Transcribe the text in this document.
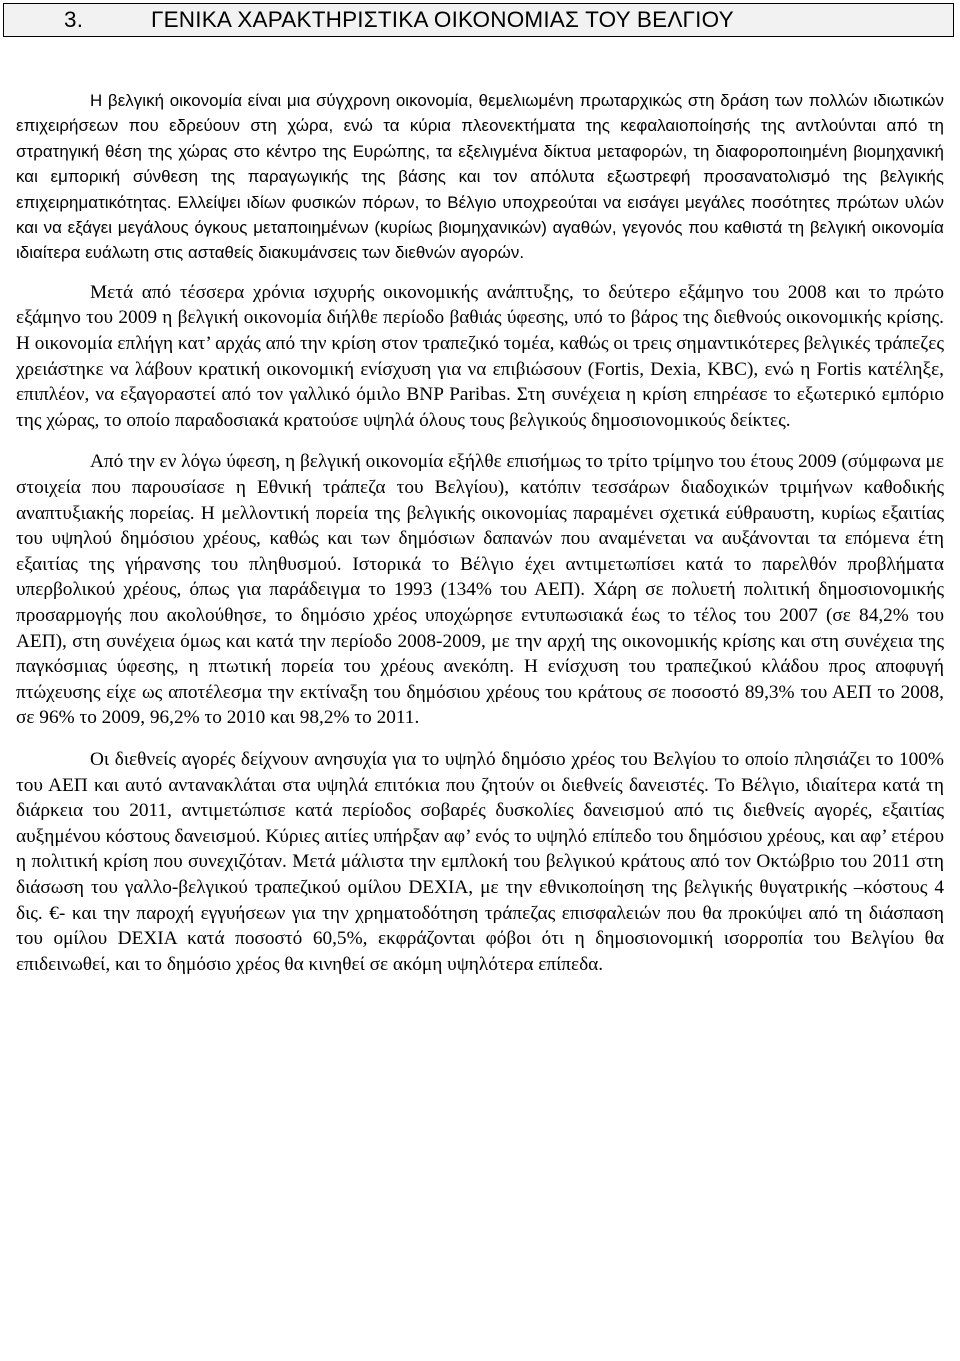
3.	ΓΕΝΙΚΑ ΧΑΡΑΚΤΗΡΙΣΤΙΚΑ ΟΙΚΟΝΟΜΙΑΣ ΤΟΥ ΒΕΛΓΙΟΥ

Η βελγική οικονομία είναι μια σύγχρονη οικονομία, θεμελιωμένη πρωταρχικώς στη δράση των πολλών ιδιωτικών επιχειρήσεων που εδρεύουν στη χώρα, ενώ τα κύρια πλεονεκτήματα της κεφαλαιοποίησής της αντλούνται από τη στρατηγική θέση της χώρας στο κέντρο της Ευρώπης, τα εξελιγμένα δίκτυα μεταφορών, τη διαφοροποιημένη βιομηχανική και εμπορική σύνθεση της παραγωγικής της βάσης και τον απόλυτα εξωστρεφή προσανατολισμό της βελγικής επιχειρηματικότητας. Ελλείψει ιδίων φυσικών πόρων, το Βέλγιο υποχρεούται να εισάγει μεγάλες ποσότητες πρώτων υλών και να εξάγει μεγάλους όγκους μεταποιημένων (κυρίως βιομηχανικών) αγαθών, γεγονός που καθιστά τη βελγική οικονομία ιδιαίτερα ευάλωτη στις ασταθείς διακυμάνσεις των διεθνών αγορών.

Μετά από τέσσερα χρόνια ισχυρής οικονομικής ανάπτυξης, το δεύτερο εξάμηνο του 2008 και το πρώτο εξάμηνο του 2009 η βελγική οικονομία διήλθε περίοδο βαθιάς ύφεσης, υπό το βάρος της διεθνούς οικονομικής κρίσης. Η οικονομία επλήγη κατ’ αρχάς από την κρίση στον τραπεζικό τομέα, καθώς οι τρεις σημαντικότερες βελγικές τράπεζες χρειάστηκε να λάβουν κρατική οικονομική ενίσχυση για να επιβιώσουν (Fortis, Dexia, KBC), ενώ η Fortis κατέληξε, επιπλέον, να εξαγοραστεί από τον γαλλικό όμιλο BNP Paribas. Στη συνέχεια η κρίση επηρέασε το εξωτερικό εμπόριο της χώρας, το οποίο παραδοσιακά κρατούσε υψηλά όλους τους βελγικούς δημοσιονομικούς δείκτες.

Από την εν λόγω ύφεση, η βελγική οικονομία εξήλθε επισήμως το τρίτο τρίμηνο του έτους 2009 (σύμφωνα με στοιχεία που παρουσίασε η Εθνική τράπεζα του Βελγίου), κατόπιν τεσσάρων διαδοχικών τριμήνων καθοδικής αναπτυξιακής πορείας. Η μελλοντική πορεία της βελγικής οικονομίας παραμένει σχετικά εύθραυστη, κυρίως εξαιτίας του υψηλού δημόσιου χρέους, καθώς και των δημόσιων δαπανών που αναμένεται να αυξάνονται τα επόμενα έτη εξαιτίας της γήρανσης του πληθυσμού. Ιστορικά το Βέλγιο έχει αντιμετωπίσει κατά το παρελθόν προβλήματα υπερβολικού χρέους, όπως για παράδειγμα το 1993 (134% του ΑΕΠ). Χάρη σε πολυετή πολιτική δημοσιονομικής προσαρμογής που ακολούθησε, το δημόσιο χρέος υποχώρησε εντυπωσιακά έως το τέλος του 2007 (σε 84,2% του ΑΕΠ), στη συνέχεια όμως και κατά την περίοδο 2008-2009, με την αρχή της οικονομικής κρίσης και στη συνέχεια της παγκόσμιας ύφεσης, η πτωτική πορεία του χρέους ανεκόπη. Η ενίσχυση του τραπεζικού κλάδου προς αποφυγή πτώχευσης είχε ως αποτέλεσμα την εκτίναξη του δημόσιου χρέους του κράτους σε ποσοστό 89,3% του ΑΕΠ το 2008, σε 96% το 2009, 96,2% το 2010 και 98,2% το 2011.

Οι διεθνείς αγορές δείχνουν ανησυχία για το υψηλό δημόσιο χρέος του Βελγίου το οποίο πλησιάζει το 100% του ΑΕΠ και αυτό αντανακλάται στα υψηλά επιτόκια που ζητούν οι διεθνείς δανειστές. Το Βέλγιο, ιδιαίτερα κατά τη διάρκεια του 2011, αντιμετώπισε κατά περίοδος σοβαρές δυσκολίες δανεισμού από τις διεθνείς αγορές, εξαιτίας αυξημένου κόστους δανεισμού. Κύριες αιτίες υπήρξαν αφ’ ενός το υψηλό επίπεδο του δημόσιου χρέους, και αφ’ ετέρου η πολιτική κρίση που συνεχιζόταν. Μετά μάλιστα την εμπλοκή του βελγικού κράτους από τον Οκτώβριο του 2011 στη διάσωση του γαλλο-βελγικού τραπεζικού ομίλου DEXIA, με την εθνικοποίηση της βελγικής θυγατρικής –κόστους 4 δις. €- και την παροχή εγγυήσεων για την χρηματοδότηση τράπεζας επισφαλειών που θα προκύψει από τη διάσπαση του ομίλου DEXIA κατά ποσοστό 60,5%, εκφράζονται φόβοι ότι η δημοσιονομική ισορροπία του Βελγίου θα επιδεινωθεί, και το δημόσιο χρέος θα κινηθεί σε ακόμη υψηλότερα επίπεδα.
